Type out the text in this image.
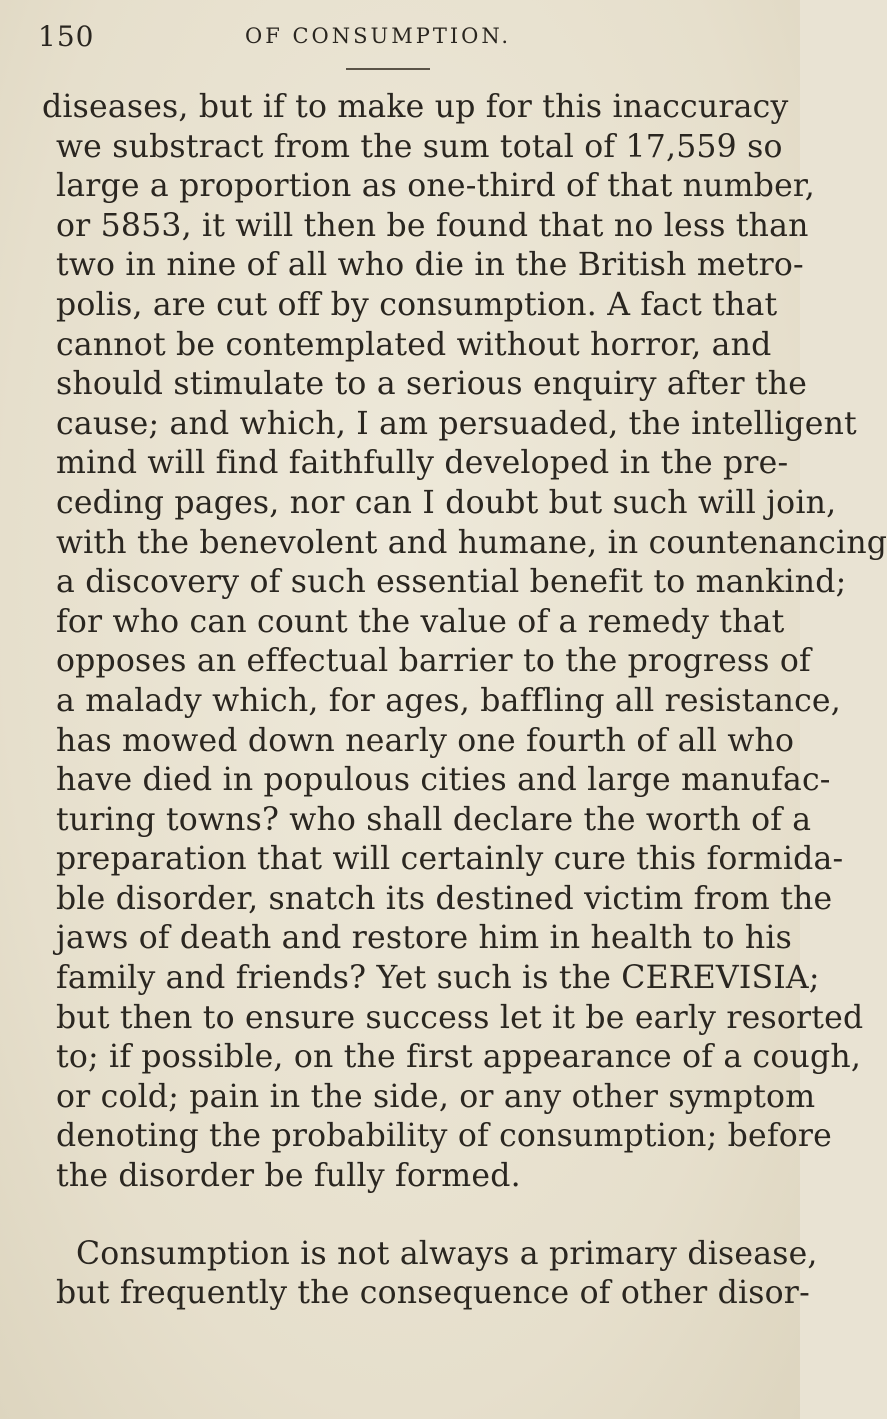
150	OF CONSUMPTION.
diseases, but if to make up for this inaccuracy
we substract from the sum total of 17,559 so
large a proportion as one-third of that number,
or 5853, it will then be found that no less than
two in nine of all who die in the British metro-
polis, are cut off by consumption. A fact that
cannot be contemplated without horror, and
should stimulate to a serious enquiry after the
cause; and which, I am persuaded, the intelligent
mind will find faithfully developed in the pre-
ceding pages, nor can I doubt but such will join,
with the benevolent and humane, in countenancing
a discovery of such essential benefit to mankind;
for who can count the value of a remedy that
opposes an effectual barrier to the progress of
a malady which, for ages, baffling all resistance,
has mowed down nearly one fourth of all who
have died in populous cities and large manufac-
turing towns? who shall declare the worth of a
preparation that will certainly cure this formida-
ble disorder, snatch its destined victim from the
jaws of death and restore him in health to his
family and friends? Yet such is the CEREVISIA;
but then to ensure success let it be early resorted
to; if possible, on the first appearance of a cough,
or cold; pain in the side, or any other symptom
denoting the probability of consumption; before
the disorder be fully formed.
Consumption is not always a primary disease,
but frequently the consequence of other disor-
